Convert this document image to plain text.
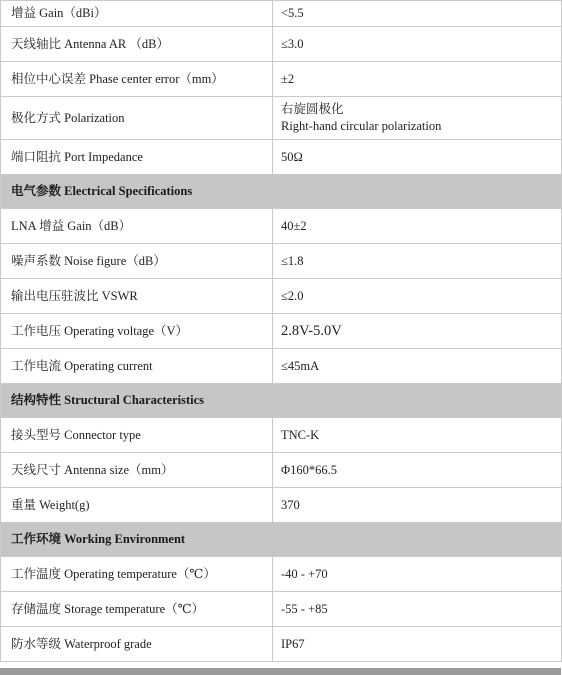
增益 Gain（dBi）	<5.5
天线轴比 Antenna AR （dB）	≤3.0
相位中心误差 Phase center error（mm）	±2
极化方式 Polarization	右旋圆极化
Right-hand circular polarization

端口阻抗 Port Impedance	50Ω
电气参数 Electrical Specifications	
LNA 增益 Gain（dB）	40±2
噪声系数 Noise figure（dB）	≤1.8
输出电压驻波比 VSWR	≤2.0
工作电压 Operating voltage（V）	2.8V-5.0V
工作电流 Operating current	≤45mA
结构特性 Structural Characteristics	
接头型号 Connector type	TNC-K
天线尺寸 Antenna size（mm）	Φ160*66.5
重量 Weight(g)	370
工作环境 Working Environment	
工作温度 Operating temperature（℃）	-40 - +70
存储温度 Storage temperature（℃）	-55 - +85
防水等级 Waterproof grade	IP67
